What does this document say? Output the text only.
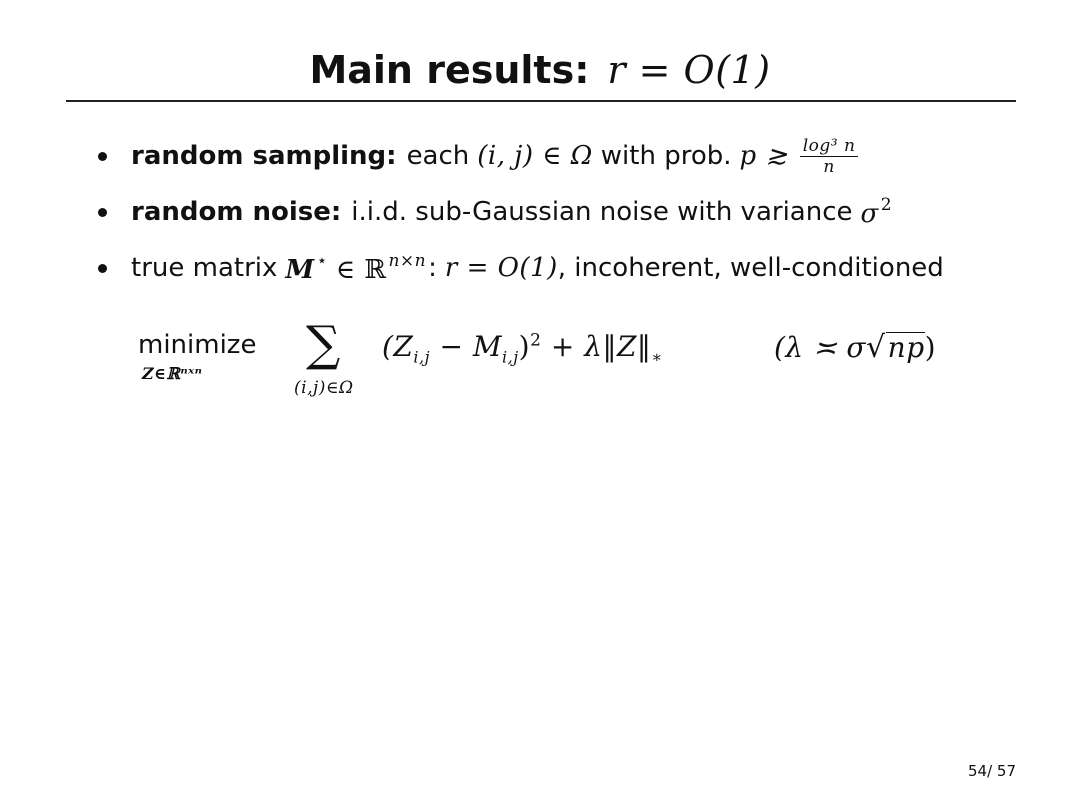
Main results: r = O(1)
random sampling: each (i, j) ∈ Ω with prob. p ≳ $\frac{\text{log³ n}}{n}$
random noise: i.i.d. sub-Gaussian noise with variance σ $^2$
true matrix M ⋆ ∈ ℝ $^{n\times n}$ : r = O(1) , incoherent, well-conditioned
minimize
Z∈ℝⁿˣⁿ
∑
(i,j)∈Ω
$(Z_{i,j} - M_{i,j})^2$ + $\lambda‖Z‖_∗$	(λ ≍ σ√np)
54/ 57
